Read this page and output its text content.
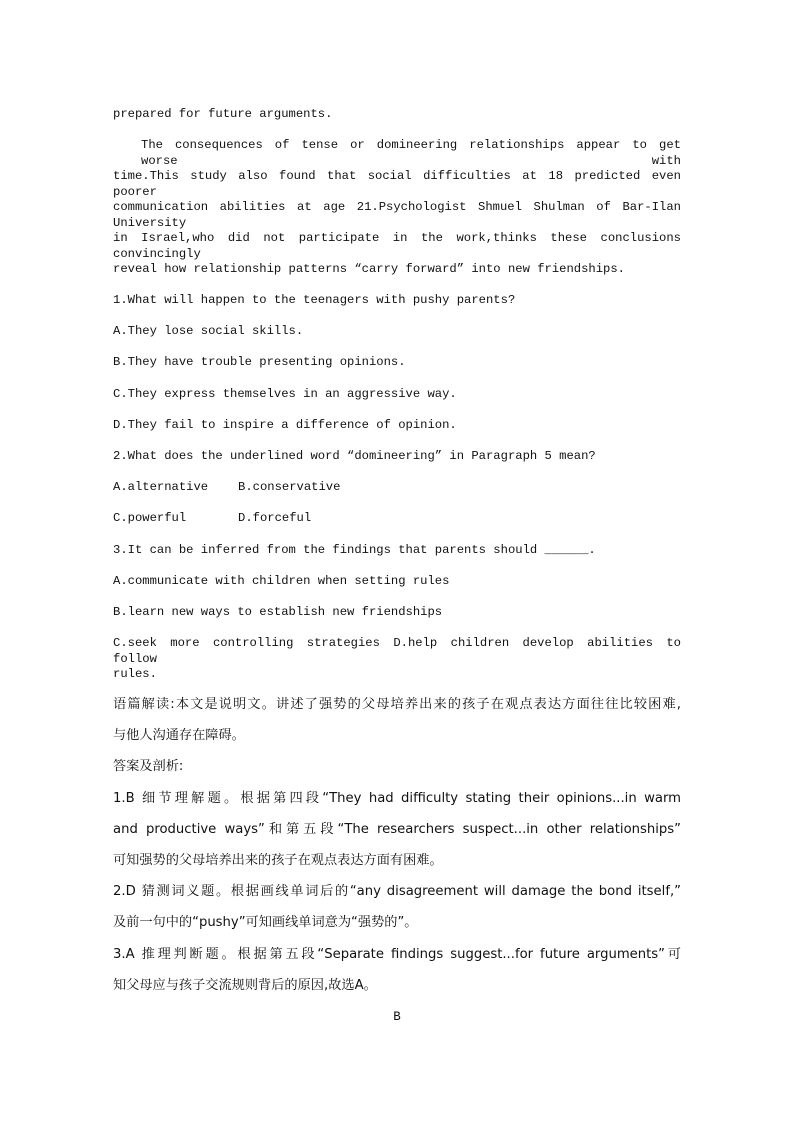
prepared for future arguments.
The consequences of tense or domineering relationships appear to get worse with
time.This study also found that social difficulties at 18 predicted even poorer
communication abilities at age 21.Psychologist Shmuel Shulman of Bar-Ilan University
in Israel,who did not participate in the work,thinks these conclusions convincingly
reveal how relationship patterns “carry forward” into new friendships.
1.What will happen to the teenagers with pushy parents?
A.They lose social skills.
B.They have trouble presenting opinions.
C.They express themselves in an aggressive way.
D.They fail to inspire a difference of opinion.
2.What does the underlined word “domineering” in Paragraph 5 mean?
A.alternative B.conservative
C.powerful	D.forceful
3.It can be inferred from the findings that parents should ______.
A.communicate with children when setting rules
B.learn new ways to establish new friendships
C.seek more controlling strategies D.help children develop abilities to follow
rules.
语篇解读:本文是说明文。讲述了强势的父母培养出来的孩子在观点表达方面往往比较困难,
与他人沟通存在障碍。
答案及剖析:
1.B 细节理解题。根据第四段“They had difficulty stating their opinions...in warm
and productive ways”和第五段“The researchers suspect...in other relationships”
可知强势的父母培养出来的孩子在观点表达方面有困难。
2.D 猜测词义题。根据画线单词后的“any disagreement will damage the bond itself,”
及前一句中的“pushy”可知画线单词意为“强势的”。
3.A 推理判断题。根据第五段“Separate findings suggest...for future arguments”可
知父母应与孩子交流规则背后的原因,故选A。
B
